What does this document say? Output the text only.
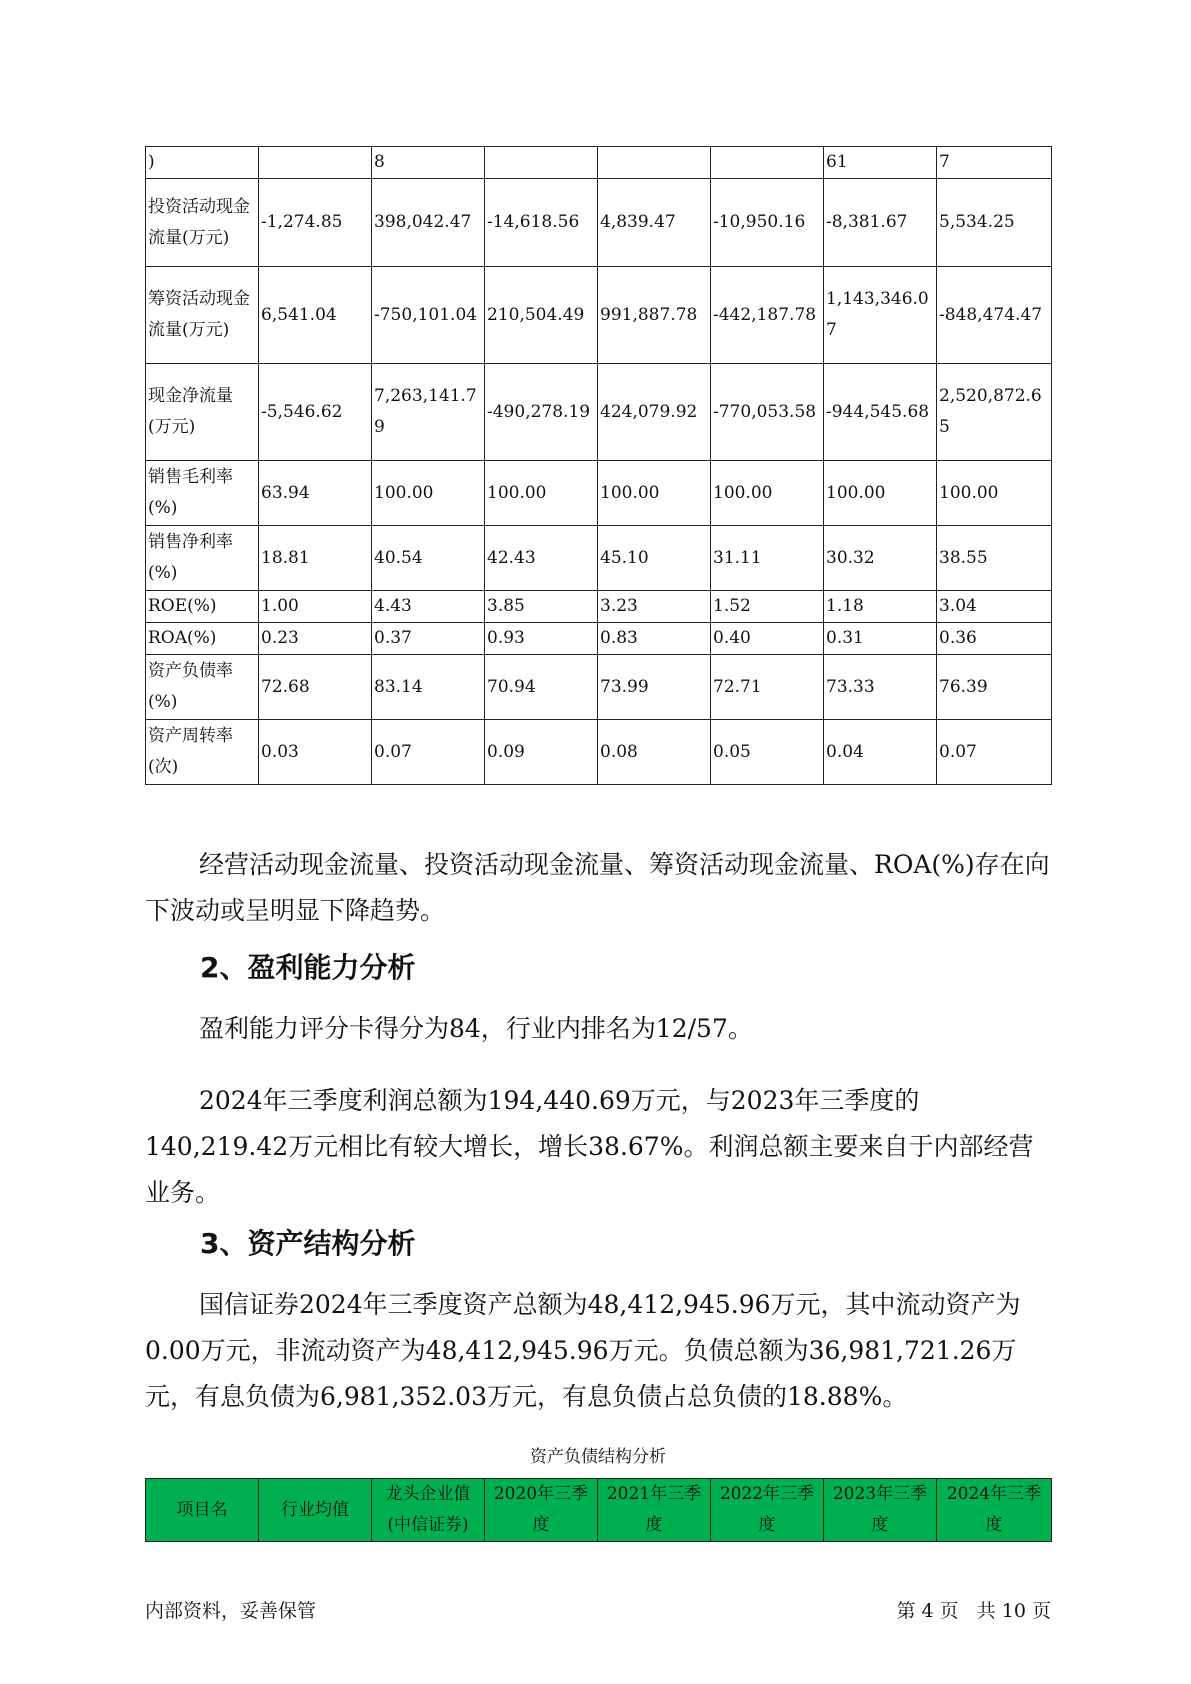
)		8				61	7
投资活动现金流量(万元)	-1,274.85	398,042.47	-14,618.56	4,839.47	-10,950.16	-8,381.67	5,534.25
筹资活动现金流量(万元)	6,541.04	-750,101.04	210,504.49	991,887.78	-442,187.78	1,143,346.07	-848,474.47
现金净流量(万元)	-5,546.62	7,263,141.79	-490,278.19	424,079.92	-770,053.58	-944,545.68	2,520,872.65
销售毛利率(%)	63.94	100.00	100.00	100.00	100.00	100.00	100.00
销售净利率(%)	18.81	40.54	42.43	45.10	31.11	30.32	38.55
ROE(%)	1.00	4.43	3.85	3.23	1.52	1.18	3.04
ROA(%)	0.23	0.37	0.93	0.83	0.40	0.31	0.36
资产负债率(%)	72.68	83.14	70.94	73.99	72.71	73.33	76.39
资产周转率(次)	0.03	0.07	0.09	0.08	0.05	0.04	0.07

经营活动现金流量、投资活动现金流量、筹资活动现金流量、ROA(%)存在向下波动或呈明显下降趋势。

2、盈利能力分析

盈利能力评分卡得分为84，行业内排名为12/57。

2024年三季度利润总额为194,440.69万元，与2023年三季度的140,219.42万元相比有较大增长，增长38.67%。利润总额主要来自于内部经营业务。

3、资产结构分析

国信证券2024年三季度资产总额为48,412,945.96万元，其中流动资产为0.00万元，非流动资产为48,412,945.96万元。负债总额为36,981,721.26万元，有息负债为6,981,352.03万元，有息负债占总负债的18.88%。

资产负债结构分析
项目名	行业均值	龙头企业值(中信证券)	2020年三季度	2021年三季度	2022年三季度	2023年三季度	2024年三季度
内部资料，妥善保管	第 4 页   共 10 页
